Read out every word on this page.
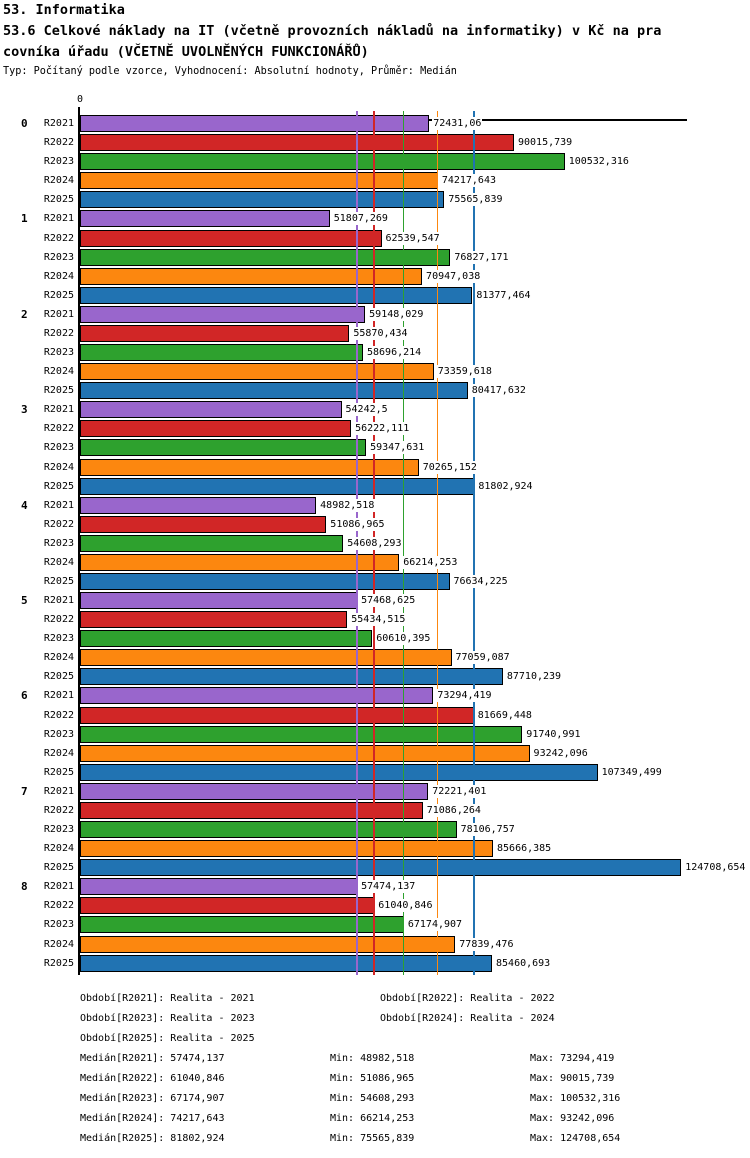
53. Informatika
53.6 Celkové náklady na IT (včetně provozních nákladů na informatiky) v Kč na pra
covníka úřadu (VČETNĚ UVOLNĚNÝCH FUNKCIONÁŘŮ)
Typ: Počítaný podle vzorce, Vyhodnocení: Absolutní hodnoty, Průměr: Medián
0
0	R2021	72431,06
R2022	90015,739
R2023	100532,316
R2024	74217,643
R2025	75565,839
1	R2021	51807,269
R2022	62539,547
R2023	76827,171
R2024	70947,038
R2025	81377,464
2	R2021	59148,029
R2022	55870,434
R2023	58696,214
R2024	73359,618
R2025	80417,632
3	R2021	54242,5
R2022	56222,111
R2023	59347,631
R2024	70265,152
R2025	81802,924
4	R2021	48982,518
R2022	51086,965
R2023	54608,293
R2024	66214,253
R2025	76634,225
5	R2021	57468,625
R2022	55434,515
R2023	60610,395
R2024	77059,087
R2025	87710,239
6	R2021	73294,419
R2022	81669,448
R2023	91740,991
R2024	93242,096
R2025	107349,499
7	R2021	72221,401
R2022	71086,264
R2023	78106,757
R2024	85666,385
R2025	124708,654
8	R2021	57474,137
R2022	61040,846
R2023	67174,907
R2024	77839,476
R2025	85460,693
Období[R2021]: Realita - 2021	Období[R2022]: Realita - 2022
Období[R2023]: Realita - 2023	Období[R2024]: Realita - 2024
Období[R2025]: Realita - 2025
Medián[R2021]: 57474,137	Min: 48982,518	Max: 73294,419
Medián[R2022]: 61040,846	Min: 51086,965	Max: 90015,739
Medián[R2023]: 67174,907	Min: 54608,293	Max: 100532,316
Medián[R2024]: 74217,643	Min: 66214,253	Max: 93242,096
Medián[R2025]: 81802,924	Min: 75565,839	Max: 124708,654
